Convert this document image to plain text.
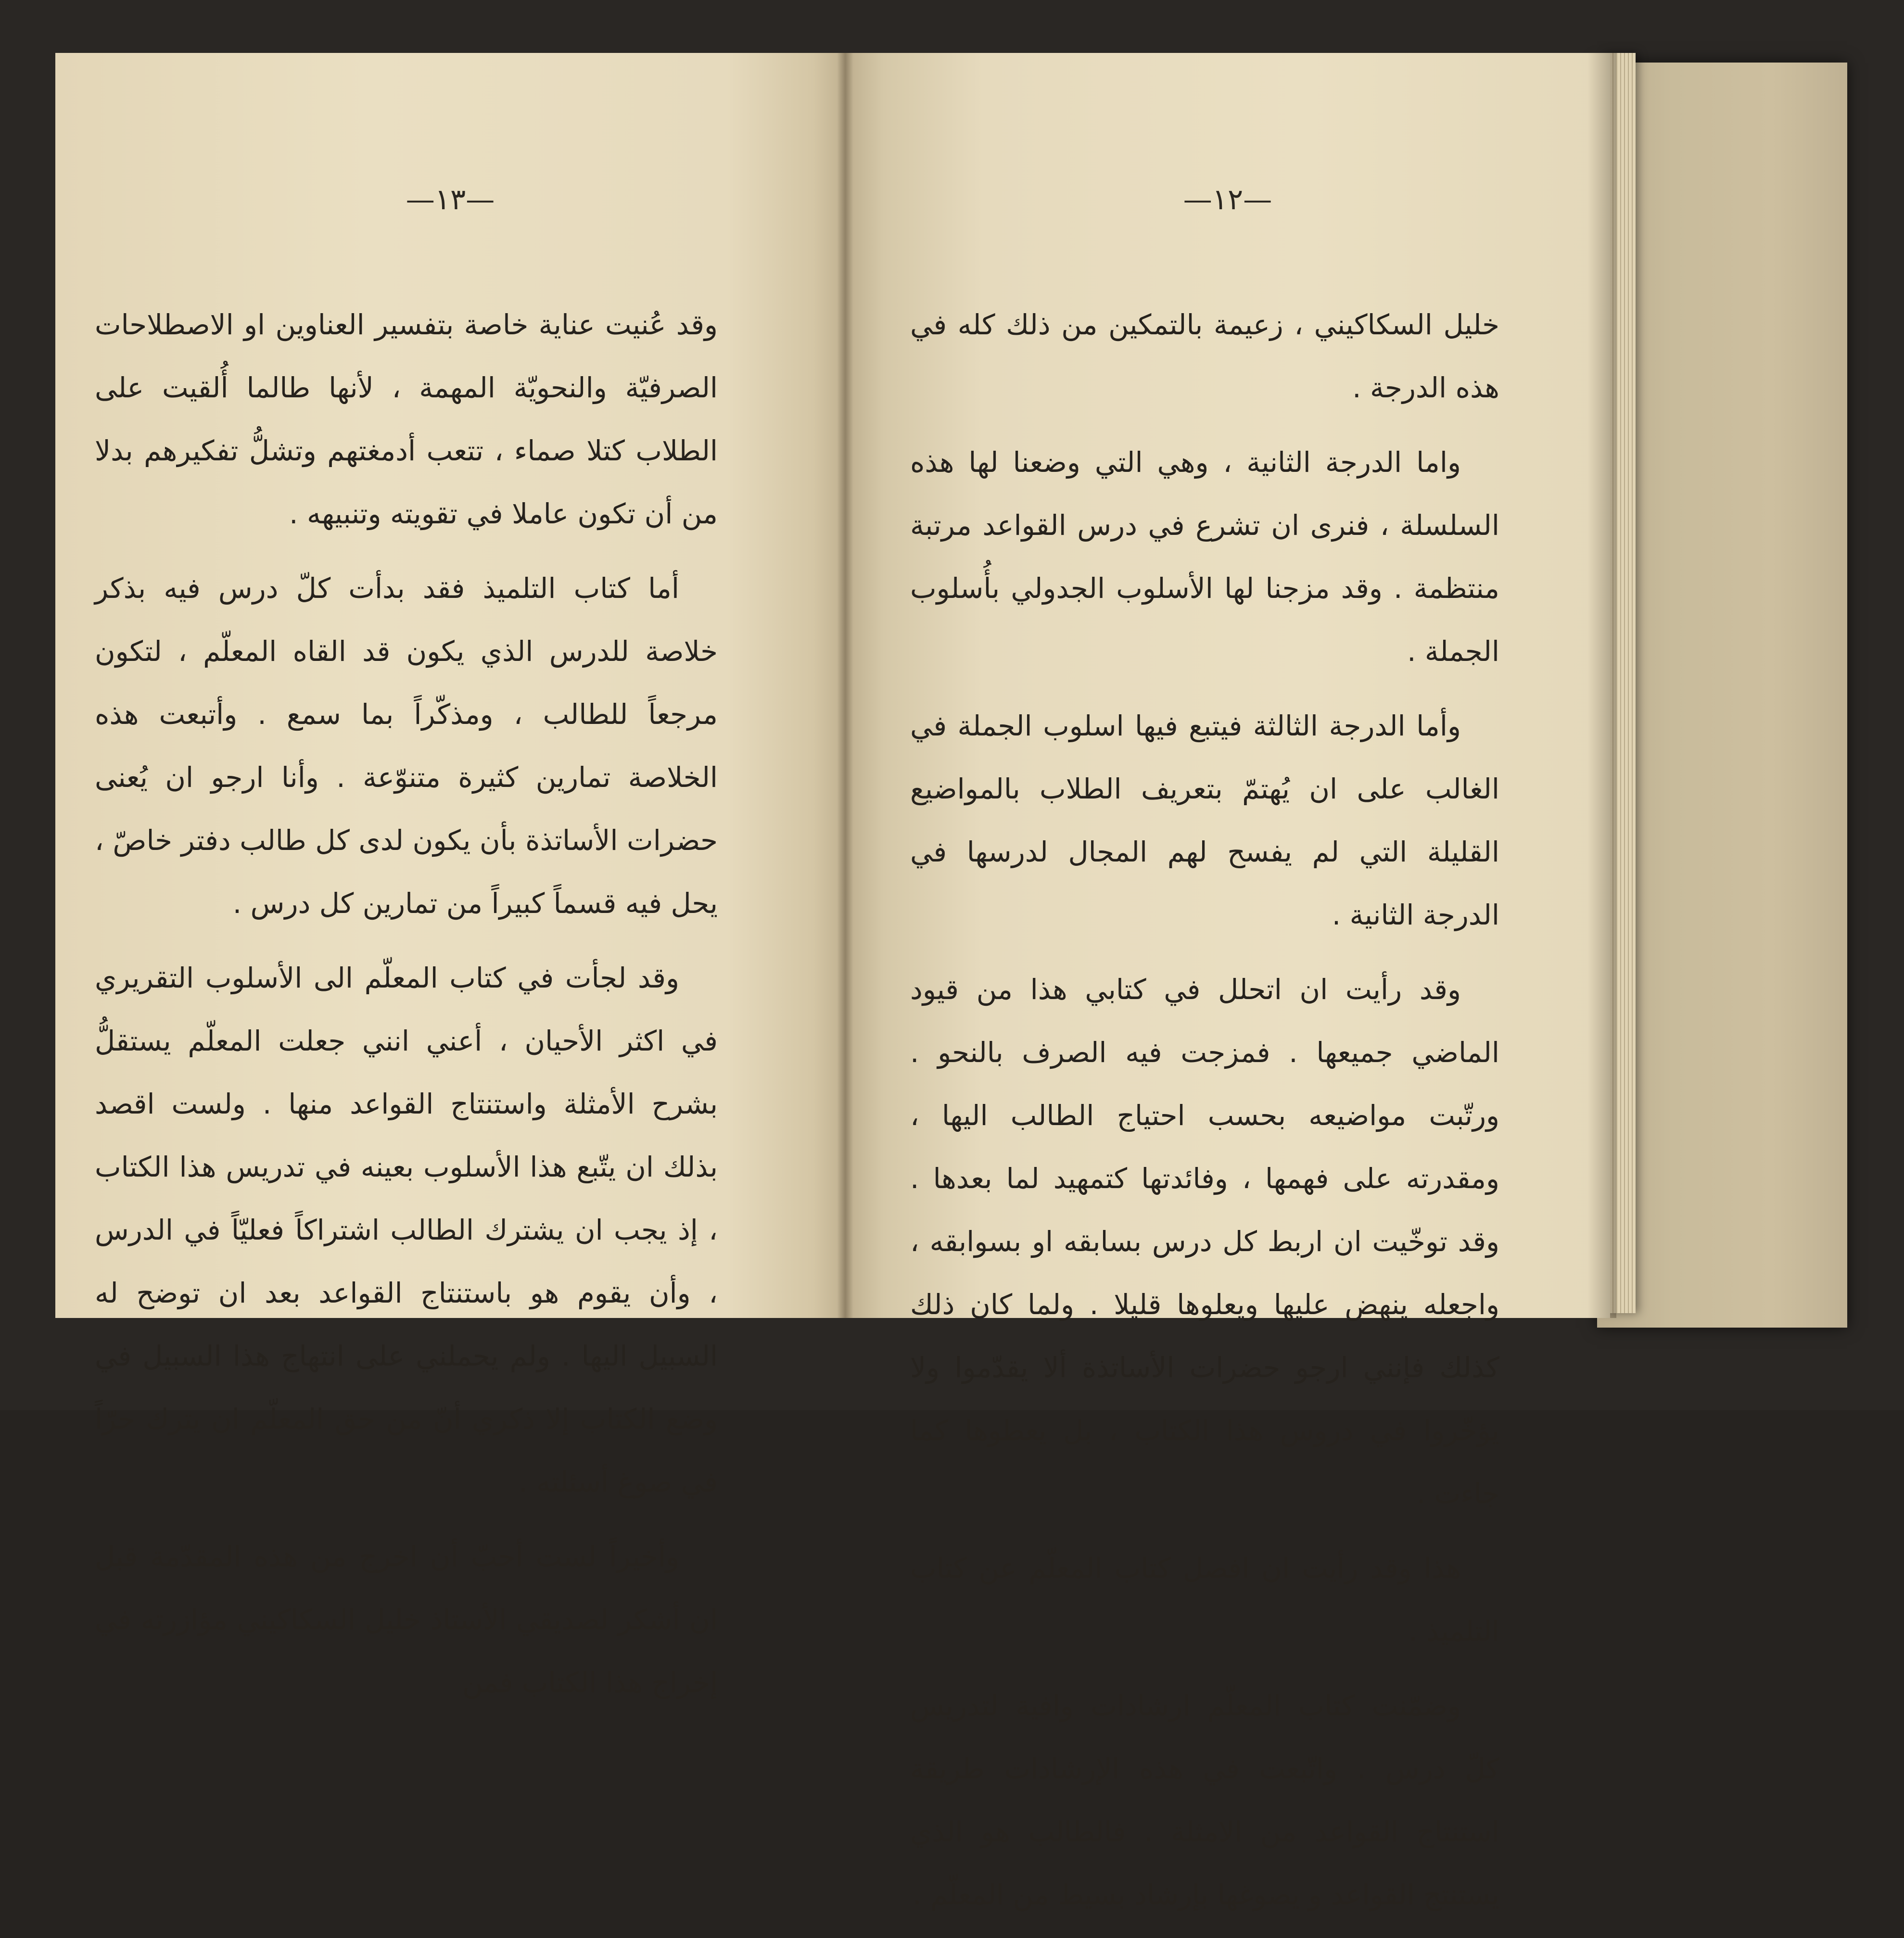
—١٣—

وقد عُنيت عناية خاصة بتفسير العناوين او الاصطلاحات الصرفيّة والنحويّة المهمة ، لأنها طالما أُلقيت على الطلاب كتلا صماء ، تتعب أدمغتهم وتشلُّ تفكيرهم بدلا من أن تكون عاملا في تقويته وتنبيهه .

أما كتاب التلميذ فقد بدأت كلّ درس فيه بذكر خلاصة للدرس الذي يكون قد القاه المعلّم ، لتكون مرجعاً للطالب ، ومذكّراً بما سمع . وأتبعت هذه الخلاصة تمارين كثيرة متنوّعة . وأنا ارجو ان يُعنى حضرات الأساتذة بأن يكون لدى كل طالب دفتر خاصّ ، يحل فيه قسماً كبيراً من تمارين كل درس .

وقد لجأت في كتاب المعلّم الى الأسلوب التقريري في اكثر الأحيان ، أعني انني جعلت المعلّم يستقلُّ بشرح الأمثلة واستنتاج القواعد منها . ولست اقصد بذلك ان يتّبع هذا الأسلوب بعينه في تدريس هذا الكتاب ، إذ يجب ان يشترك الطالب اشتراكاً فعليّاً في الدرس ، وأن يقوم هو باستنتاج القواعد بعد ان توضح له السبيل اليها . ولم يحملني على انتهاج هذا السبيل في وضع الكتاب إلا ذكري أنّ من حق المعلّم ان يترك حرّاً في صوغ أسئلته .

وأخيراً لست أحبّ أن اخرج من هذه المقدّمة قبل ان أشكر لصديقي الأستاذ خليل السكاكيني مؤازرته في إخراج هذا الكتاب فمن

—١٢—

خليل السكاكيني ، زعيمة بالتمكين من ذلك كله في هذه الدرجة .

واما الدرجة الثانية ، وهي التي وضعنا لها هذه السلسلة ، فنرى ان تشرع في درس القواعد مرتبة منتظمة . وقد مزجنا لها الأسلوب الجدولي بأُسلوب الجملة .

وأما الدرجة الثالثة فيتبع فيها اسلوب الجملة في الغالب على ان يُهتمّ بتعريف الطلاب بالمواضيع القليلة التي لم يفسح لهم المجال لدرسها في الدرجة الثانية .

وقد رأيت ان اتحلل في كتابي هذا من قيود الماضي جميعها . فمزجت فيه الصرف بالنحو . ورتّبت مواضيعه بحسب احتياج الطالب اليها ، ومقدرته على فهمها ، وفائدتها كتمهيد لما بعدها . وقد توخّيت ان اربط كل درس بسابقه او بسوابقه ، واجعله ينهض عليها ويعلوها قليلا . ولما كان ذلك كذلك فإنني ارجو حضرات الأساتذة ألا يقدّموا ولا يؤخّروا في دروس هذا الكتاب ، بل يعطوها كما جاءت .

هذا وقد رأيت ان افصل كتاب المعلّم عن كتاب التلميذ .

وضمّنت كتاب المعلّم ارشادات وافية لتدريس كلّ درس . واتّبعت في هذه الإرشادات طريقة استنتاج القواعد من الامثلة . فالطالب هو الذي يستنتج القواعد و يصوغها بإرشاد بسيط من المعلّم .
